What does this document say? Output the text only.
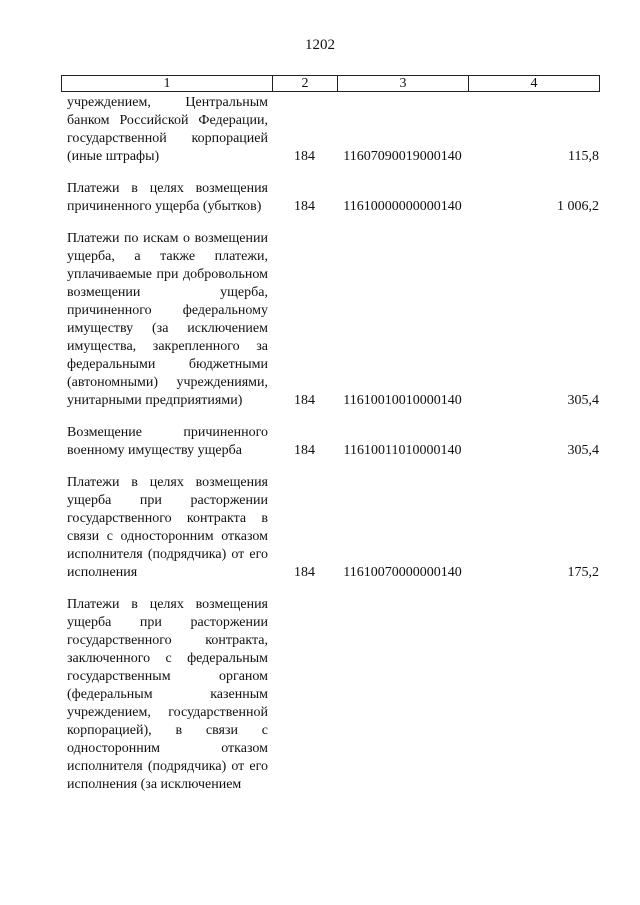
1202
1	2	3	4
учреждением, Центральным банком Российской Федерации, государственной корпорацией (иные штрафы)	184	11607090019000140	115,8

Платежи в целях возмещения причиненного ущерба (убытков)	184	11610000000000140	1 006,2

Платежи по искам о возмещении ущерба, а также платежи, уплачиваемые при добровольном возмещении ущерба, причиненного федеральному имуществу (за исключением имущества, закрепленного за федеральными бюджетными (автономными) учреждениями, унитарными предприятиями)	184	11610010010000140	305,4

Возмещение причиненного военному имуществу ущерба	184	11610011010000140	305,4

Платежи в целях возмещения ущерба при расторжении государственного контракта в связи с односторонним отказом исполнителя (подрядчика) от его исполнения	184	11610070000000140	175,2

Платежи в целях возмещения ущерба при расторжении государственного контракта, заключенного с федеральным государственным органом (федеральным казенным учреждением, государственной корпорацией), в связи с односторонним отказом исполнителя (подрядчика) от его исполнения (за исключением			
